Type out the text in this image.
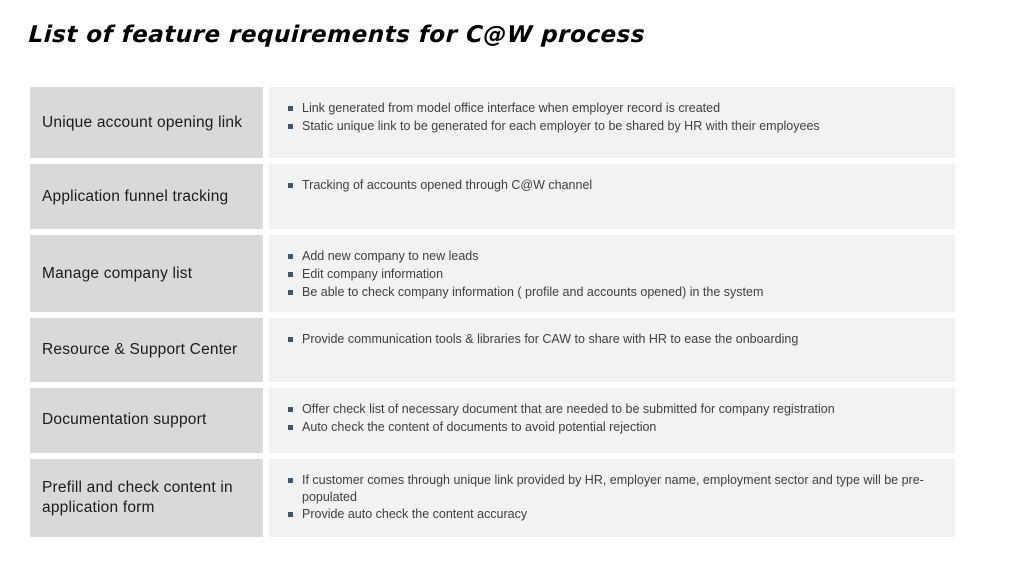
List of feature requirements for C@W process
Unique account opening link
Link generated from model office interface when employer record is created
Static unique link to be generated for each employer to be shared by HR with their employees
Application funnel tracking
Tracking of accounts opened through C@W channel
Manage company list
Add new company to new leads
Edit company information
Be able to check company information ( profile and accounts opened) in the system
Resource & Support Center
Provide communication tools & libraries for CAW to share with HR to ease the onboarding
Documentation support
Offer check list of necessary document that are needed to be submitted for company registration
Auto check the content of documents to avoid potential rejection
Prefill and check content in application form
If customer comes through unique link provided by HR, employer name, employment sector and type will be pre-populated
Provide auto check the content accuracy
